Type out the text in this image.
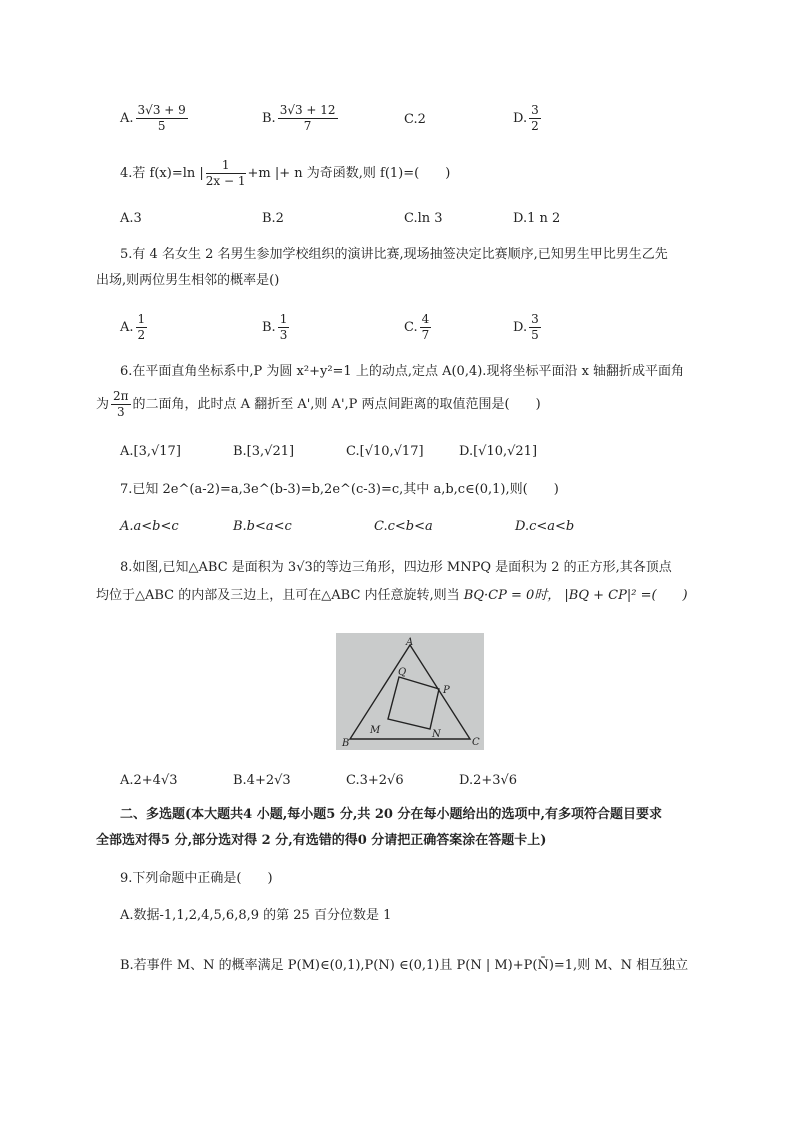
A. $\frac{3√3 + 9}{5}$	B. $\frac{3√3 + 12}{7}$	C.2	D. $\frac{3}{2}$
4.若 f(x)=ln | $\frac{1}{2x - 1} +m$ |+ n 为奇函数,则 f(1)=(　　)
A.3	B.2	C.ln 3	D.1 n 2
5.有 4 名女生 2 名男生参加学校组织的演讲比赛,现场抽签决定比赛顺序,已知男生甲比男生乙先
出场,则两位男生相邻的概率是()
A. $\frac{1}{2}$	B. $\frac{1}{3}$	C. $\frac{4}{7}$	D. $\frac{3}{5}$
6.在平面直角坐标系中,P 为圆 x²+y²=1 上的动点,定点 A(0,4).现将坐标平面沿 x 轴翻折成平面角
为 $\frac{2\pi}{3}$ 的二面角，此时点 A 翻折至 A',则 A',P 两点间距离的取值范围是(　　)
A.[3,√17]	B.[3,√21]	C.[√10,√17]	D.[√10,√21]
7.已知 2e^(a-2)=a,3e^(b-3)=b,2e^(c-3)=c,其中 a,b,c∈(0,1),则(　　)
A.a<b<c	B.b<a<c	C.c<b<a	D.c<a<b
8.如图,已知△ABC 是面积为 3√3的等边三角形，四边形 MNPQ 是面积为 2 的正方形,其各顶点
均位于△ABC 的内部及三边上，且可在△ABC 内任意旋转,则当 BQ·CP = 0时， |BQ + CP|² =(　　)
A
B	C
M	N
P
Q
A.2+4√3	B.4+2√3	C.3+2√6	D.2+3√6
二、多选题(本大题共4 小题,每小题5 分,共 20 分在每小题给出的选项中,有多项符合题目要求
全部选对得5 分,部分选对得 2 分,有选错的得0 分请把正确答案涂在答题卡上)
9.下列命题中正确是(　　)
A.数据-1,1,2,4,5,6,8,9 的第 25 百分位数是 1
B.若事件 M、N 的概率满足 P(M)∈(0,1),P(N) ∈(0,1)且 P(N | M)+P(N̄)=1,则 M、N 相互独立
